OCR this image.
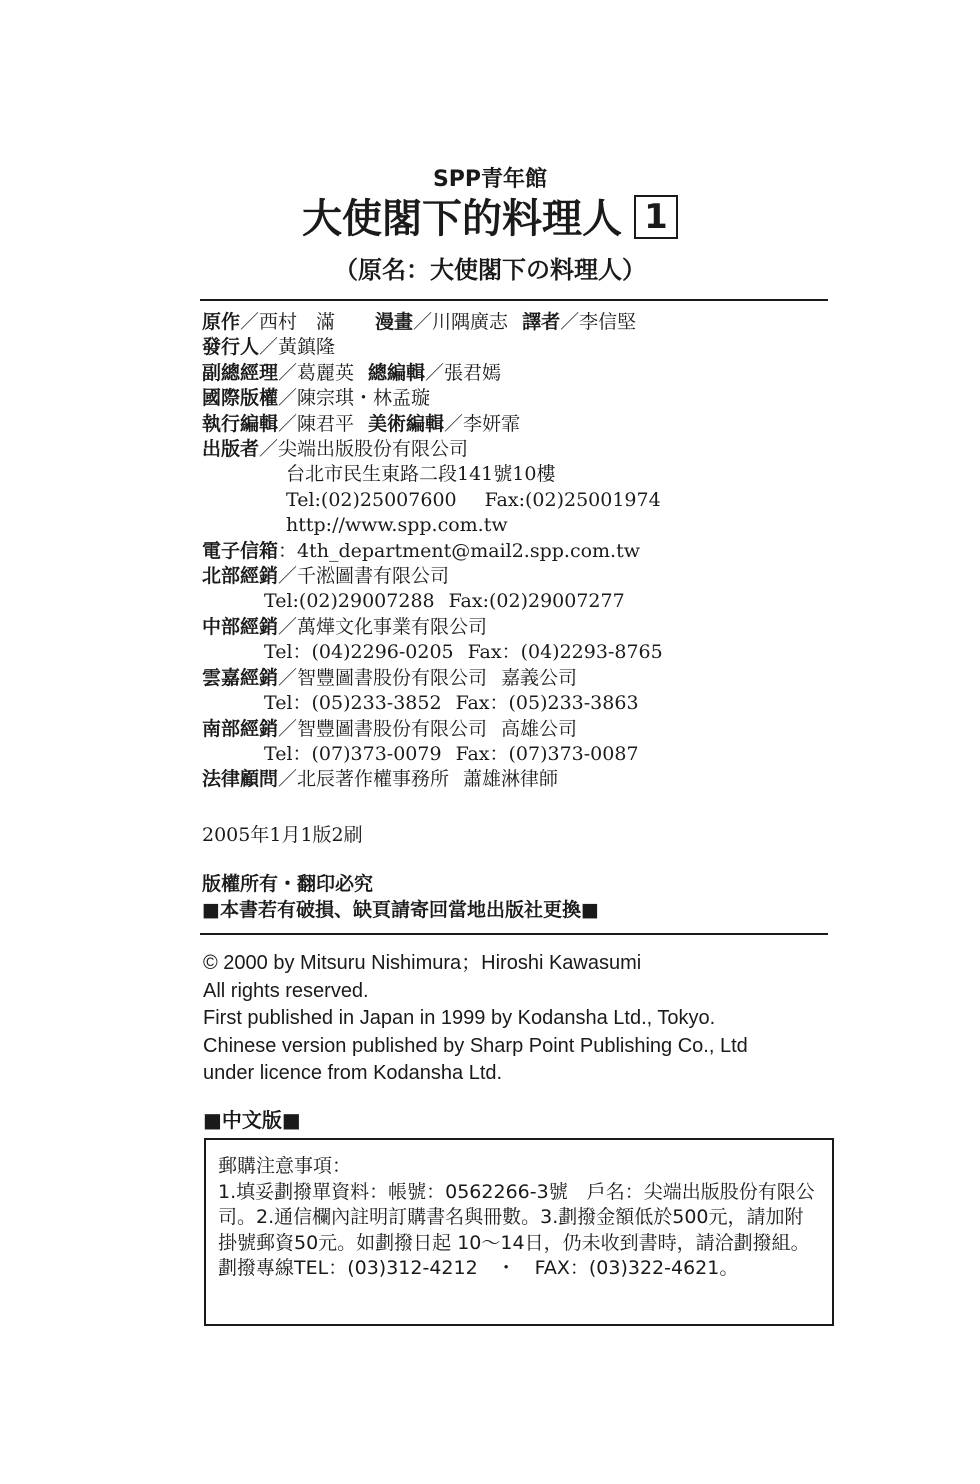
SPP青年館
大使閣下的料理人 1
（原名：大使閣下の料理人）
原作／西村　滿 漫畫／川隅廣志 譯者／李信堅
發行人／黃鎮隆
副總經理／葛麗英 總編輯／張君嫣
國際版權／陳宗琪・林孟璇
執行編輯／陳君平 美術編輯／李妍霏
出版者／尖端出版股份有限公司
台北市民生東路二段141號10樓
Tel:(02)25007600 Fax:(02)25001974
http://www.spp.com.tw
電子信箱：4th_department@mail2.spp.com.tw
北部經銷／千淞圖書有限公司
Tel:(02)29007288 Fax:(02)29007277
中部經銷／萬燁文化事業有限公司
Tel：(04)2296-0205 Fax：(04)2293-8765
雲嘉經銷／智豐圖書股份有限公司 嘉義公司
Tel：(05)233-3852 Fax：(05)233-3863
南部經銷／智豐圖書股份有限公司 高雄公司
Tel：(07)373-0079 Fax：(07)373-0087
法律顧問／北辰著作權事務所 蕭雄淋律師
2005年1月1版2刷
版權所有・翻印必究
■本書若有破損、缺頁請寄回當地出版社更換■
© 2000 by Mitsuru Nishimura；Hiroshi Kawasumi
All rights reserved.
First published in Japan in 1999 by Kodansha Ltd., Tokyo.
Chinese version published by Sharp Point Publishing Co., Ltd
under licence from Kodansha Ltd.
■中文版■

郵購注意事項：

1.填妥劃撥單資料：帳號：0562266-3號　戶名：尖端出版股份有限公司。2.通信欄內註明訂購書名與冊數。3.劃撥金額低於500元，請加附掛號郵資50元。如劃撥日起 10～14日，仍未收到書時，請洽劃撥組。劃撥專線TEL：(03)312-4212　・　FAX：(03)322-4621。
